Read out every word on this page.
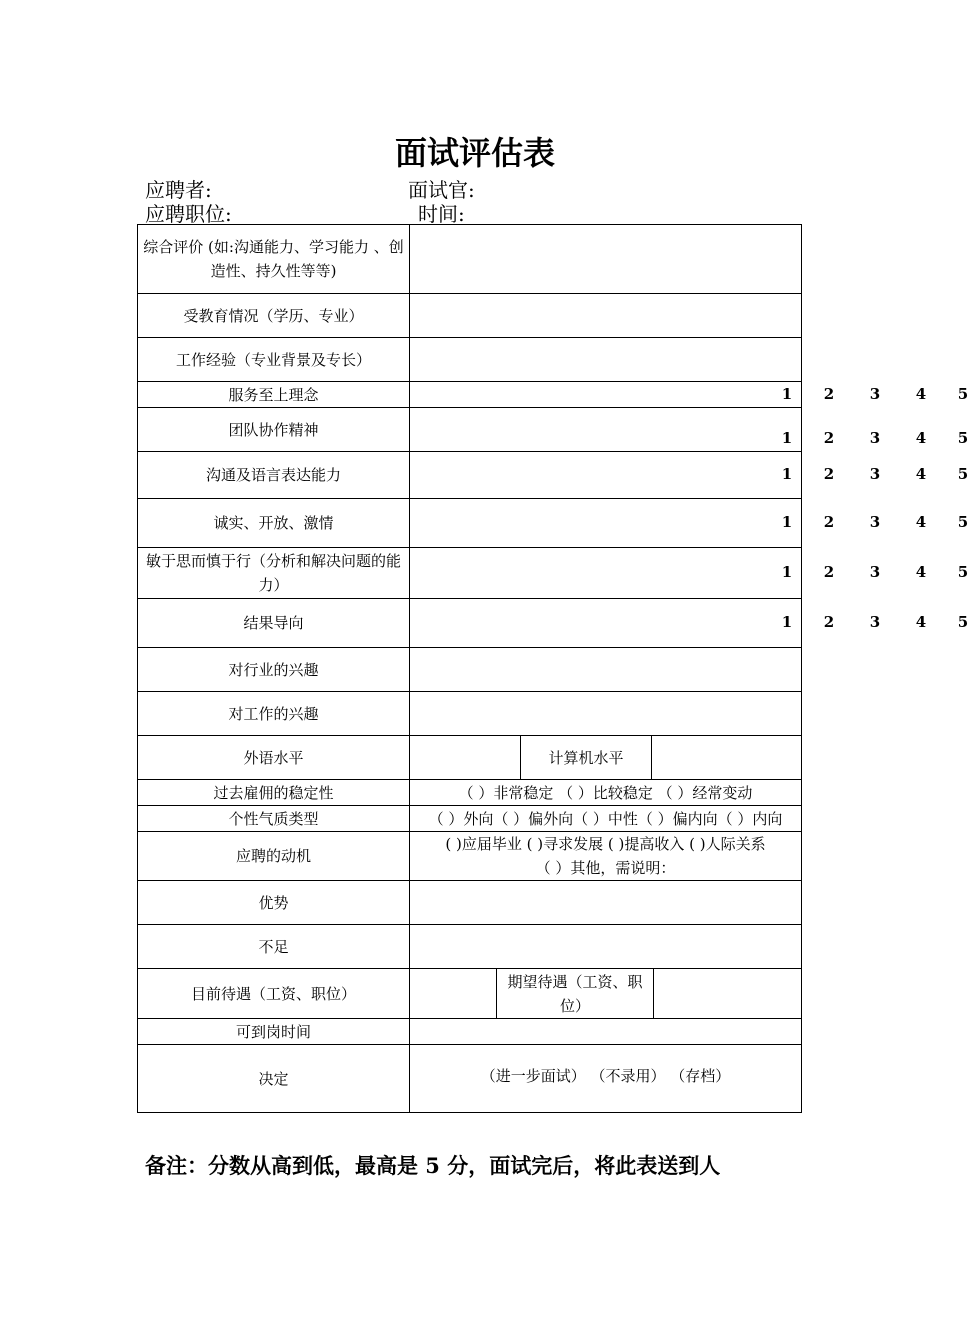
面试评估表
应聘者:	面试官:
应聘职位:	时间:
综合评价 (如:沟通能力、学习能力 、创造性、持久性等等)					
受教育情况（学历、专业）					
工作经验（专业背景及专长）					
服务至上理念	1 2 3 4 5				

团队协作精神	1 2 3 4 5				

沟通及语言表达能力	1 2 3 4 5				

诚实、开放、激情	1 2 3 4 5				

敏于思而慎于行（分析和解决问题的能力）	1 2 3 4 5				

结果导向	1 2 3 4 5				

对行业的兴趣					
对工作的兴趣					
外语水平			计算机水平		
过去雇佣的稳定性	（ ）非常稳定 （ ）比较稳定 （ ）经常变动				
个性气质类型	（ ）外向（ ）偏外向（ ）中性（ ）偏内向（ ）内向				
应聘的动机	( )应届毕业 ( )寻求发展 ( )提高收入 ( )人际关系
（ ）其他，需说明：				

优势					
不足					
目前待遇（工资、职位）		期望待遇（工资、职位）			
可到岗时间					
决定	（进一步面试） （不录用） （存档）				
备注：分数从高到低，最高是 5 分，面试完后，将此表送到人
